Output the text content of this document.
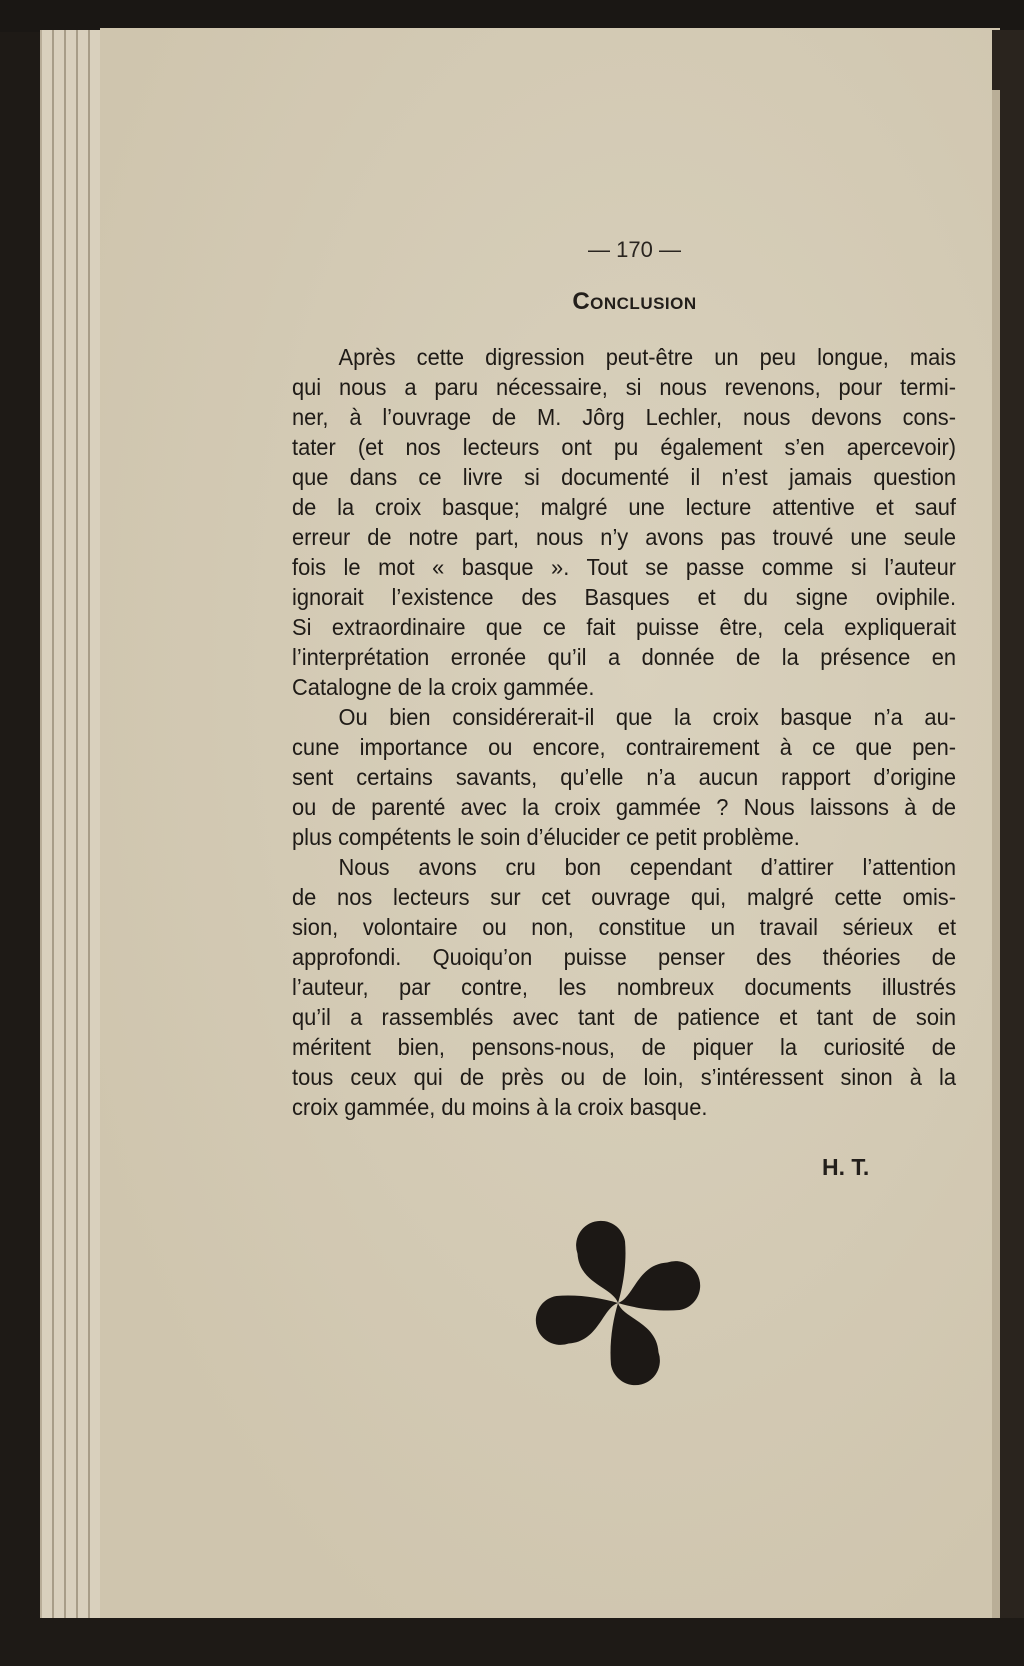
— 170 —
Conclusion
Après cette digression peut-être un peu longue, mais
qui nous a paru nécessaire, si nous revenons, pour termi-
ner, à l’ouvrage de M. Jôrg Lechler, nous devons cons-
tater (et nos lecteurs ont pu également s’en apercevoir)
que dans ce livre si documenté il n’est jamais question
de la croix basque; malgré une lecture attentive et sauf
erreur de notre part, nous n’y avons pas trouvé une seule
fois le mot « basque ». Tout se passe comme si l’auteur
ignorait l’existence des Basques et du signe oviphile.
Si extraordinaire que ce fait puisse être, cela expliquerait
l’interprétation erronée qu’il a donnée de la présence en
Catalogne de la croix gammée.
Ou bien considérerait-il que la croix basque n’a au-
cune importance ou encore, contrairement à ce que pen-
sent certains savants, qu’elle n’a aucun rapport d’origine
ou de parenté avec la croix gammée ? Nous laissons à de
plus compétents le soin d’élucider ce petit problème.
Nous avons cru bon cependant d’attirer l’attention
de nos lecteurs sur cet ouvrage qui, malgré cette omis-
sion, volontaire ou non, constitue un travail sérieux et
approfondi. Quoiqu’on puisse penser des théories de
l’auteur, par contre, les nombreux documents illustrés
qu’il a rassemblés avec tant de patience et tant de soin
méritent bien, pensons-nous, de piquer la curiosité de
tous ceux qui de près ou de loin, s’intéressent sinon à la
croix gammée, du moins à la croix basque.
H. T.
